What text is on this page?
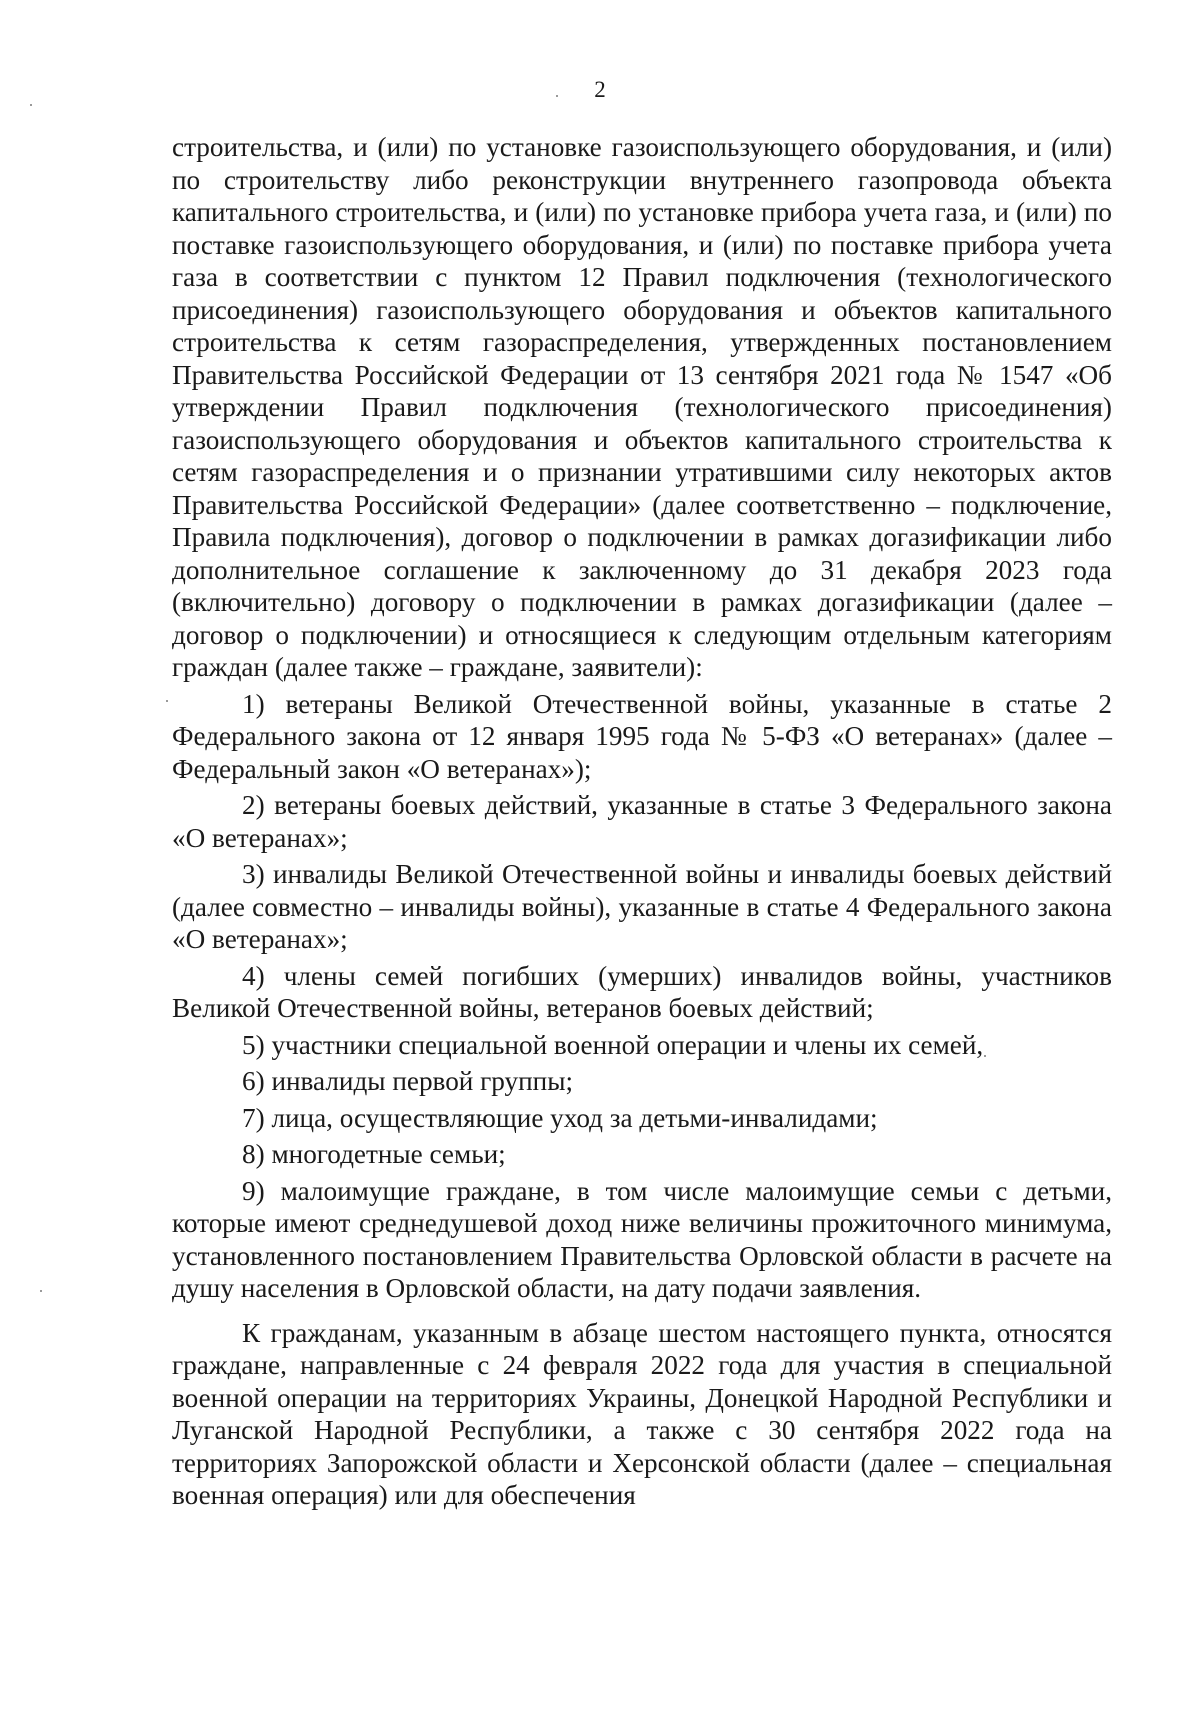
2

строительства, и (или) по установке газоиспользующего оборудования, и (или) по строительству либо реконструкции внутреннего газопровода объекта капитального строительства, и (или) по установке прибора учета газа, и (или) по поставке газоиспользующего оборудования, и (или) по поставке прибора учета газа в соответствии с пунктом 12 Правил подключения (технологического присоединения) газоиспользующего оборудования и объектов капитального строительства к сетям газораспределения, утвержденных постановлением Правительства Российской Федерации от 13 сентября 2021 года № 1547 «Об утверждении Правил подключения (технологического присоединения) газоиспользующего оборудования и объектов капитального строительства к сетям газораспределения и о признании утратившими силу некоторых актов Правительства Российской Федерации» (далее соответственно – подключение, Правила подключения), договор о подключении в рамках догазификации либо дополнительное соглашение к заключенному до 31 декабря 2023 года (включительно) договору о подключении в рамках догазификации (далее – договор о подключении) и относящиеся к следующим отдельным категориям граждан (далее также – граждане, заявители):

1) ветераны Великой Отечественной войны, указанные в статье 2 Федерального закона от 12 января 1995 года № 5-ФЗ «О ветеранах» (далее – Федеральный закон «О ветеранах»);

2) ветераны боевых действий, указанные в статье 3 Федерального закона «О ветеранах»;

3) инвалиды Великой Отечественной войны и инвалиды боевых действий (далее совместно – инвалиды войны), указанные в статье 4 Федерального закона «О ветеранах»;

4) члены семей погибших (умерших) инвалидов войны, участников Великой Отечественной войны, ветеранов боевых действий;

5) участники специальной военной операции и члены их семей,

6) инвалиды первой группы;

7) лица, осуществляющие уход за детьми-инвалидами;

8) многодетные семьи;

9) малоимущие граждане, в том числе малоимущие семьи с детьми, которые имеют среднедушевой доход ниже величины прожиточного минимума, установленного постановлением Правительства Орловской области в расчете на душу населения в Орловской области, на дату подачи заявления.

К гражданам, указанным в абзаце шестом настоящего пункта, относятся граждане, направленные с 24 февраля 2022 года для участия в специальной военной операции на территориях Украины, Донецкой Народной Республики и Луганской Народной Республики, а также с 30 сентября 2022 года на территориях Запорожской области и Херсонской области (далее – специальная военная операция) или для обеспечения
